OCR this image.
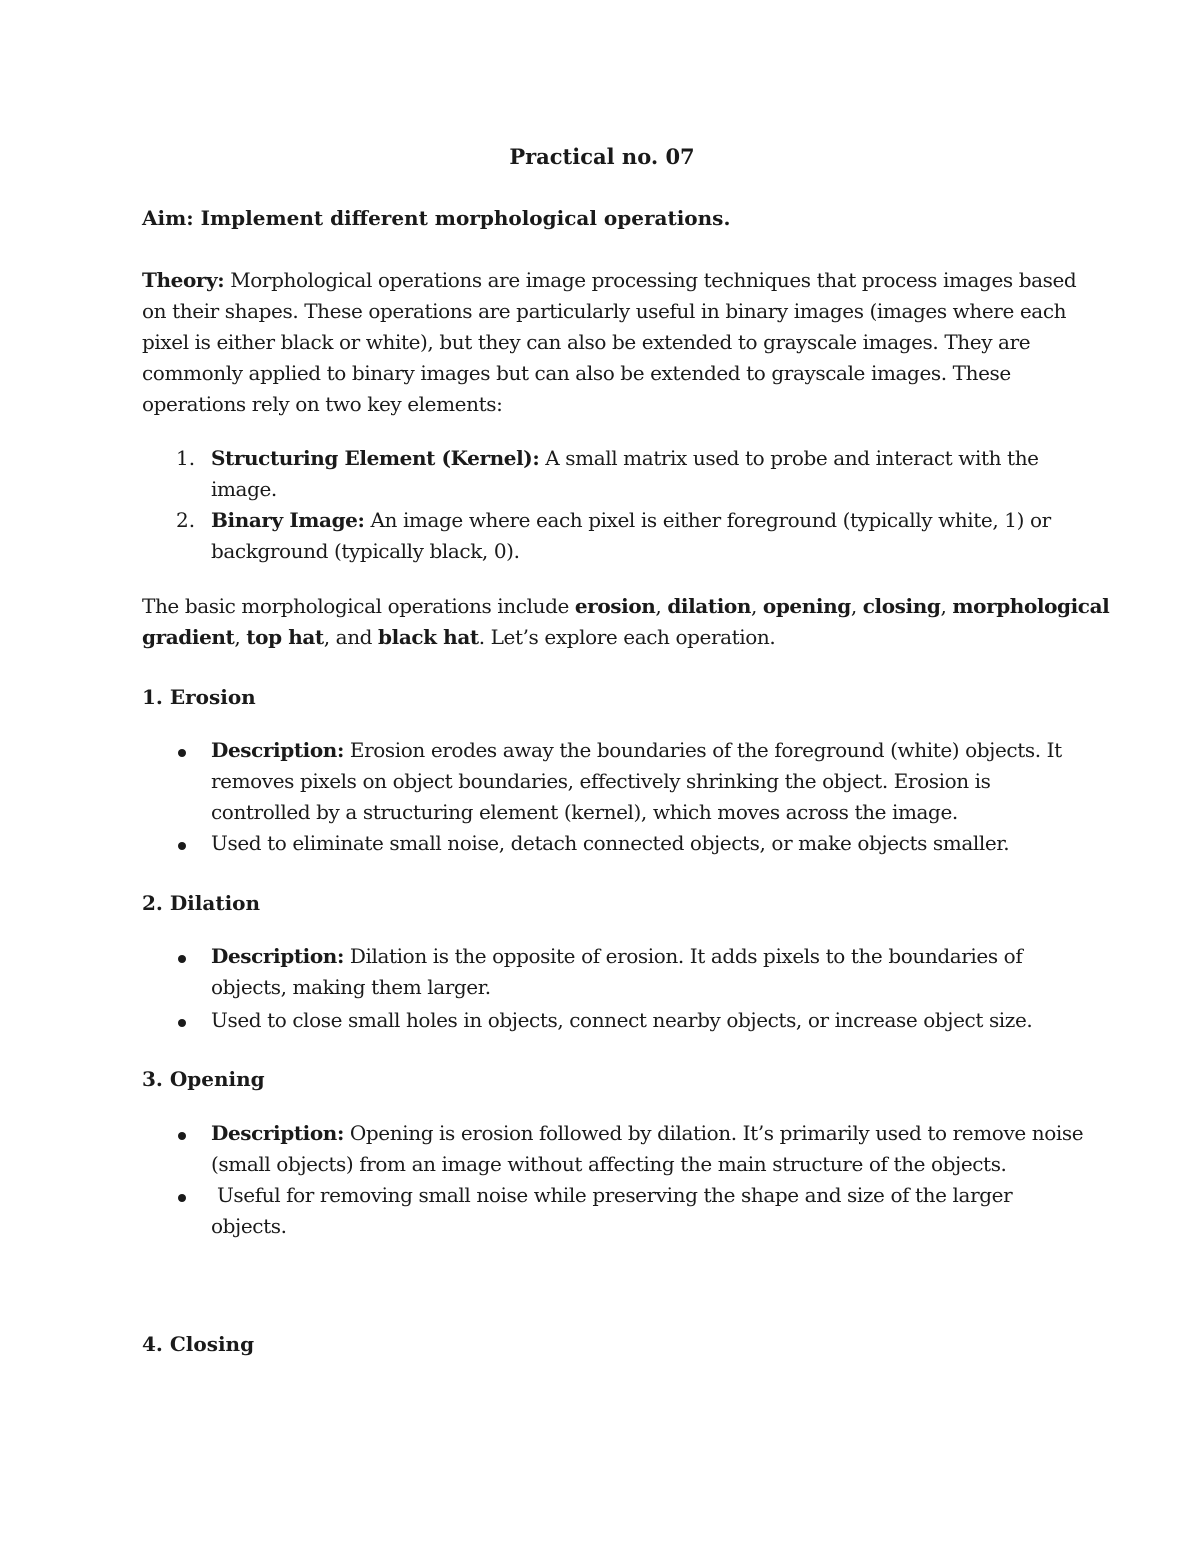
Practical no. 07
Aim: Implement different morphological operations.
Theory: Morphological operations are image processing techniques that process images based
on their shapes. These operations are particularly useful in binary images (images where each
pixel is either black or white), but they can also be extended to grayscale images. They are
commonly applied to binary images but can also be extended to grayscale images. These
operations rely on two key elements:
1. Structuring Element (Kernel): A small matrix used to probe and interact with the
image.
2. Binary Image: An image where each pixel is either foreground (typically white, 1) or
background (typically black, 0).
The basic morphological operations include erosion, dilation, opening, closing, morphological
gradient, top hat, and black hat. Let’s explore each operation.
1. Erosion
Description: Erosion erodes away the boundaries of the foreground (white) objects. It
removes pixels on object boundaries, effectively shrinking the object. Erosion is
controlled by a structuring element (kernel), which moves across the image.
Used to eliminate small noise, detach connected objects, or make objects smaller.
2. Dilation
Description: Dilation is the opposite of erosion. It adds pixels to the boundaries of
objects, making them larger.
Used to close small holes in objects, connect nearby objects, or increase object size.
3. Opening
Description: Opening is erosion followed by dilation. It’s primarily used to remove noise
(small objects) from an image without affecting the main structure of the objects.
Useful for removing small noise while preserving the shape and size of the larger
objects.
4. Closing
